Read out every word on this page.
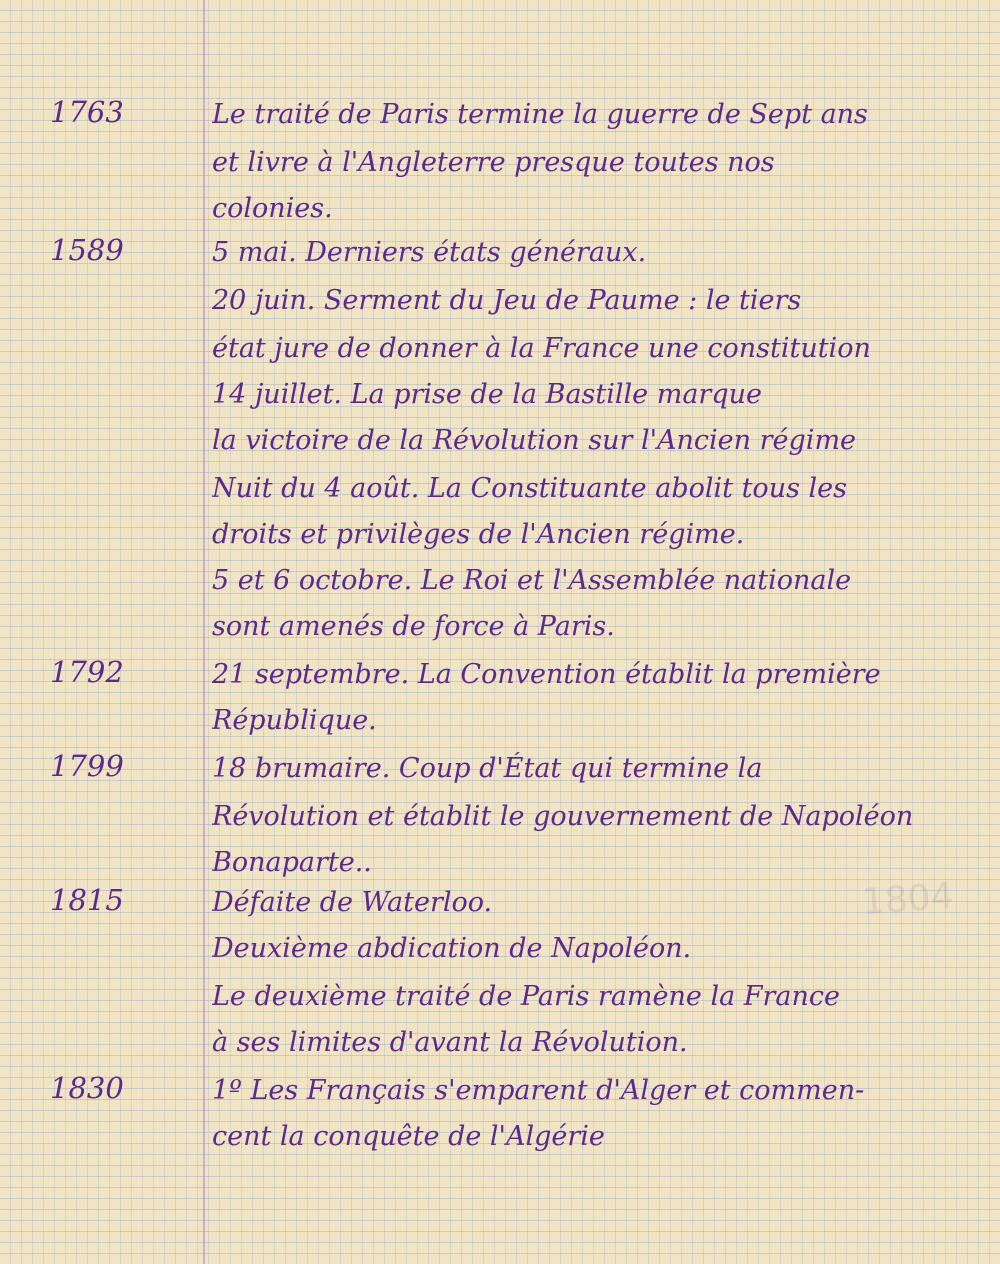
1804
1763	Le traité de Paris termine la guerre de Sept ans
et livre à l'Angleterre presque toutes nos
colonies.
1589	5 mai. Derniers états généraux.
20 juin. Serment du Jeu de Paume : le tiers
état jure de donner à la France une constitution
14 juillet. La prise de la Bastille marque
la victoire de la Révolution sur l'Ancien régime
Nuit du 4 août. La Constituante abolit tous les
droits et privilèges de l'Ancien régime.
5 et 6 octobre. Le Roi et l'Assemblée nationale
sont amenés de force à Paris.
1792	21 septembre. La Convention établit la première
République.
1799	18 brumaire. Coup d'État qui termine la
Révolution et établit le gouvernement de Napoléon
Bonaparte..
1815	Défaite de Waterloo.
Deuxième abdication de Napoléon.
Le deuxième traité de Paris ramène la France
à ses limites d'avant la Révolution.
1830	1º Les Français s'emparent d'Alger et commen-
cent la conquête de l'Algérie
